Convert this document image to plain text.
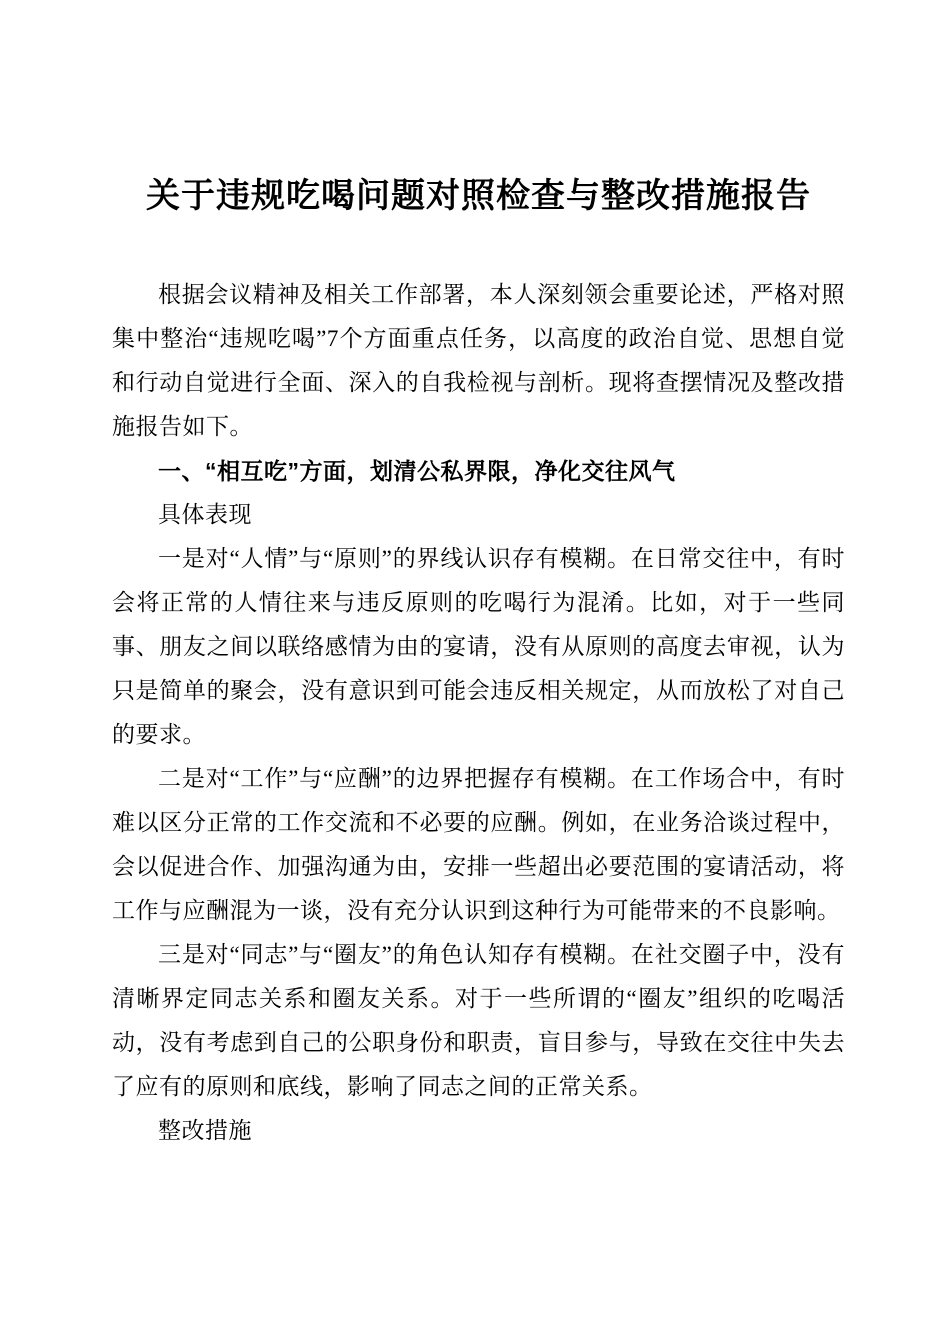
关于违规吃喝问题对照检查与整改措施报告

根据会议精神及相关工作部署，本人深刻领会重要论述，严格对照集中整治“违规吃喝”7个方面重点任务，以高度的政治自觉、思想自觉和行动自觉进行全面、深入的自我检视与剖析。现将查摆情况及整改措施报告如下。

一、“相互吃”方面，划清公私界限，净化交往风气

具体表现

一是对“人情”与“原则”的界线认识存有模糊。在日常交往中，有时会将正常的人情往来与违反原则的吃喝行为混淆。比如，对于一些同事、朋友之间以联络感情为由的宴请，没有从原则的高度去审视，认为只是简单的聚会，没有意识到可能会违反相关规定，从而放松了对自己的要求。

二是对“工作”与“应酬”的边界把握存有模糊。在工作场合中，有时难以区分正常的工作交流和不必要的应酬。例如，在业务洽谈过程中，会以促进合作、加强沟通为由，安排一些超出必要范围的宴请活动，将工作与应酬混为一谈，没有充分认识到这种行为可能带来的不良影响。

三是对“同志”与“圈友”的角色认知存有模糊。在社交圈子中，没有清晰界定同志关系和圈友关系。对于一些所谓的“圈友”组织的吃喝活动，没有考虑到自己的公职身份和职责，盲目参与，导致在交往中失去了应有的原则和底线，影响了同志之间的正常关系。

整改措施
